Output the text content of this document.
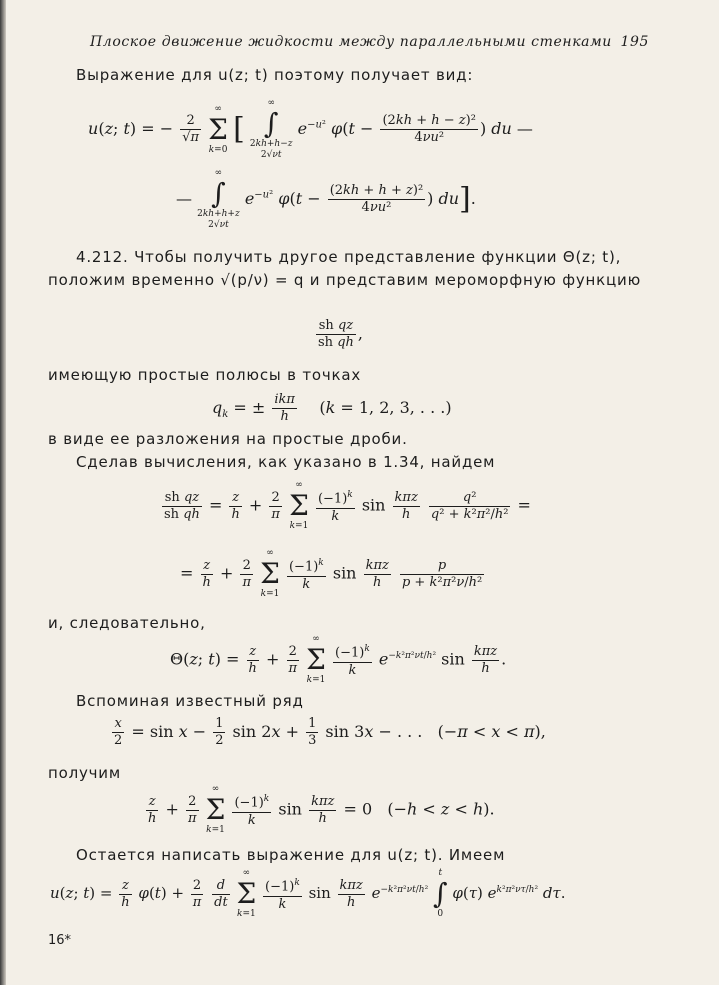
Плоское движение жидкости между параллельными стенками 195
Выражение для u(z; t) поэтому получает вид:
u(z; t) = − $\frac{2}{√\pi}$

∞
Σ
k=0
[
∞
∫
2kh+h−z
2√νt
$e^{-u^2}$ $\varphi(t - \frac{\text{(2kh + h − z)²}}{\text{4νu²}}$ ) du —
—
∞
∫
2kh+h+z
2√νt
$e^{-u^2}$ $\varphi(t - \frac{\text{(2kh + h + z)²}}{\text{4νu²}}$ ) du].
4.212. Чтобы получить другое представление функции Θ(z; t), положим временно √(p/ν) = q и представим мероморфную функцию
$\frac{\text{sh qz}}{\text{sh qh}}$ ,
имеющую простые полюсы в точках
$q_k$ = ± $\frac{\text{ikπ}}{h} (k = 1$, 2, 3, . . .)
в виде ее разложения на простые дроби.
Сделав вычисления, как указано в 1.34, найдем
$\frac{\text{sh qz}}{\text{sh qh}} = \frac{z}{h} + \frac{2}{\pi}$

∞
Σ
k=1

$\frac{(-1)^k}{k}$ $\sin \frac{\text{kπz}}{h}$
$\frac{\text{q²}}{\text{q² + k²π²/h²}}$ =
= $\frac{z}{h} + \frac{2}{\pi}$

∞
Σ
k=1

$\frac{(-1)^k}{k}$ $\sin \frac{\text{kπz}}{h}$
$\frac{p}{\text{p + k²π²ν/h²}}$
и, следовательно,
Θ(z; $t) = \frac{z}{h} + \frac{2}{\pi}$

∞
Σ
k=1

$\frac{(-1)^k}{k} e^{-k^2\pi^2\nu t/h^2}$ $\sin \frac{\text{kπz}}{h}$ .
Вспоминая известный ряд
$\frac{x}{2} = \sin x - \frac{1}{2}$ $\sin 2x + \frac{1}{3}$ sin 3x − . . .   (−π < x < π),
получим
$\frac{z}{h} + \frac{2}{\pi}$

∞
Σ
k=1

$\frac{(-1)^k}{k}$ $\sin \frac{\text{kπz}}{h} = 0$   (−h < z < h).
Остается написать выражение для u(z; t). Имеем
u(z; $t) = \frac{z}{h} \varphi(t) + \frac{2}{\pi}$
$\frac{d}{dt}$

∞
Σ
k=1

$\frac{(-1)^k}{k}$ $\sin \frac{\text{kπz}}{h} e^{-k^2\pi^2\nu t/h^2}$
t
∫
0
φ(τ) $e^{k^2\pi^2\nu\tau/h^2}$ dτ.
16*
